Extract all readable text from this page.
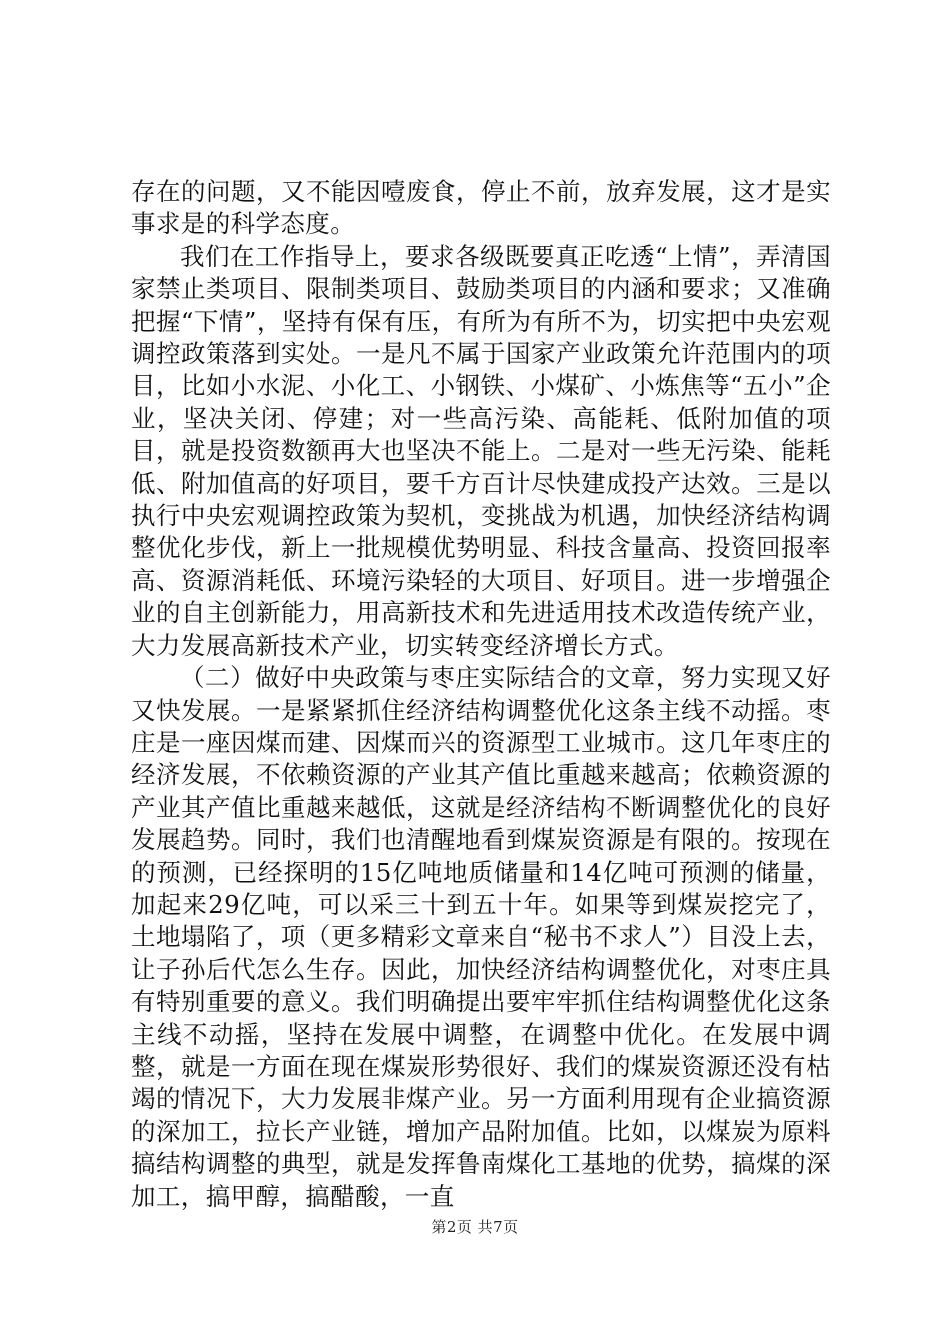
存在的问题，又不能因噎废食，停止不前，放弃发展，这才是实事求是的科学态度。

我们在工作指导上，要求各级既要真正吃透“上情”，弄清国家禁止类项目、限制类项目、鼓励类项目的内涵和要求；又准确把握“下情”，坚持有保有压，有所为有所不为，切实把中央宏观调控政策落到实处。一是凡不属于国家产业政策允许范围内的项目，比如小水泥、小化工、小钢铁、小煤矿、小炼焦等“五小”企业，坚决关闭、停建；对一些高污染、高能耗、低附加值的项目，就是投资数额再大也坚决不能上。二是对一些无污染、能耗低、附加值高的好项目，要千方百计尽快建成投产达效。三是以执行中央宏观调控政策为契机，变挑战为机遇，加快经济结构调整优化步伐，新上一批规模优势明显、科技含量高、投资回报率高、资源消耗低、环境污染轻的大项目、好项目。进一步增强企业的自主创新能力，用高新技术和先进适用技术改造传统产业，大力发展高新技术产业，切实转变经济增长方式。

（二）做好中央政策与枣庄实际结合的文章，努力实现又好又快发展。一是紧紧抓住经济结构调整优化这条主线不动摇。枣庄是一座因煤而建、因煤而兴的资源型工业城市。这几年枣庄的经济发展，不依赖资源的产业其产值比重越来越高；依赖资源的产业其产值比重越来越低，这就是经济结构不断调整优化的良好发展趋势。同时，我们也清醒地看到煤炭资源是有限的。按现在的预测，已经探明的15亿吨地质储量和14亿吨可预测的储量，加起来29亿吨，可以采三十到五十年。如果等到煤炭挖完了，土地塌陷了，项（更多精彩文章来自“秘书不求人”）目没上去，让子孙后代怎么生存。因此，加快经济结构调整优化，对枣庄具有特别重要的意义。我们明确提出要牢牢抓住结构调整优化这条主线不动摇，坚持在发展中调整，在调整中优化。在发展中调整，就是一方面在现在煤炭形势很好、我们的煤炭资源还没有枯竭的情况下，大力发展非煤产业。另一方面利用现有企业搞资源的深加工，拉长产业链，增加产品附加值。比如，以煤炭为原料搞结构调整的典型，就是发挥鲁南煤化工基地的优势，搞煤的深加工，搞甲醇，搞醋酸，一直

第2页 共7页
